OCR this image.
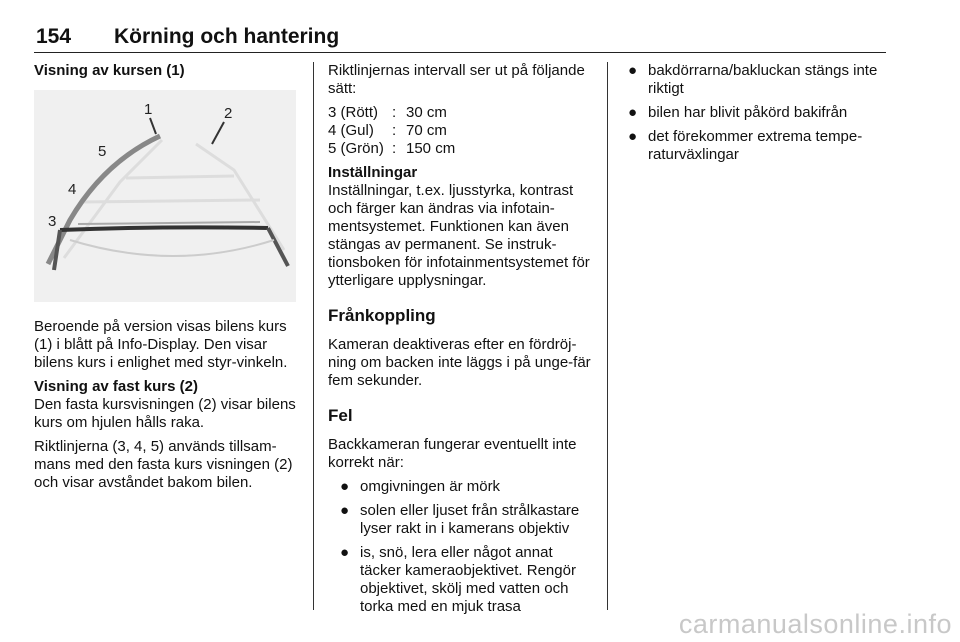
154 Körning och hantering

Visning av kursen (1)

1	2
3
4
5

Beroende på version visas bilens kurs (1) i blått på Info-Display. Den visar bilens kurs i enlighet med styr-vinkeln.

Visning av fast kurs (2)

Den fasta kursvisningen (2) visar bilens kurs om hjulen hålls raka.

Riktlinjerna (3, 4, 5) används tillsam-mans med den fasta kurs visningen (2) och visar avståndet bakom bilen.

Riktlinjernas intervall ser ut på följande sätt:

3 (Rött) : 30 cm
4 (Gul)	: 70 cm
5 (Grön) : 150 cm

Inställningar

Inställningar, t.ex. ljusstyrka, kontrast och färger kan ändras via infotain-mentsystemet. Funktionen kan även stängas av permanent. Se instruk-tionsboken för infotainmentsystemet för ytterligare upplysningar.

Frånkoppling

Kameran deaktiveras efter en fördröj-ning om backen inte läggs i på unge-fär fem sekunder.

Fel

Backkameran fungerar eventuellt inte korrekt när:

● omgivningen är mörk
● solen eller ljuset från strålkastare lyser rakt in i kamerans objektiv
● is, snö, lera eller något annat täcker kameraobjektivet. Rengör objektivet, skölj med vatten och torka med en mjuk trasa
● bakdörrarna/bakluckan stängs inte riktigt
● bilen har blivit påkörd bakifrån
● det förekommer extrema tempe-raturväxlingar
carmanualsonline.info
